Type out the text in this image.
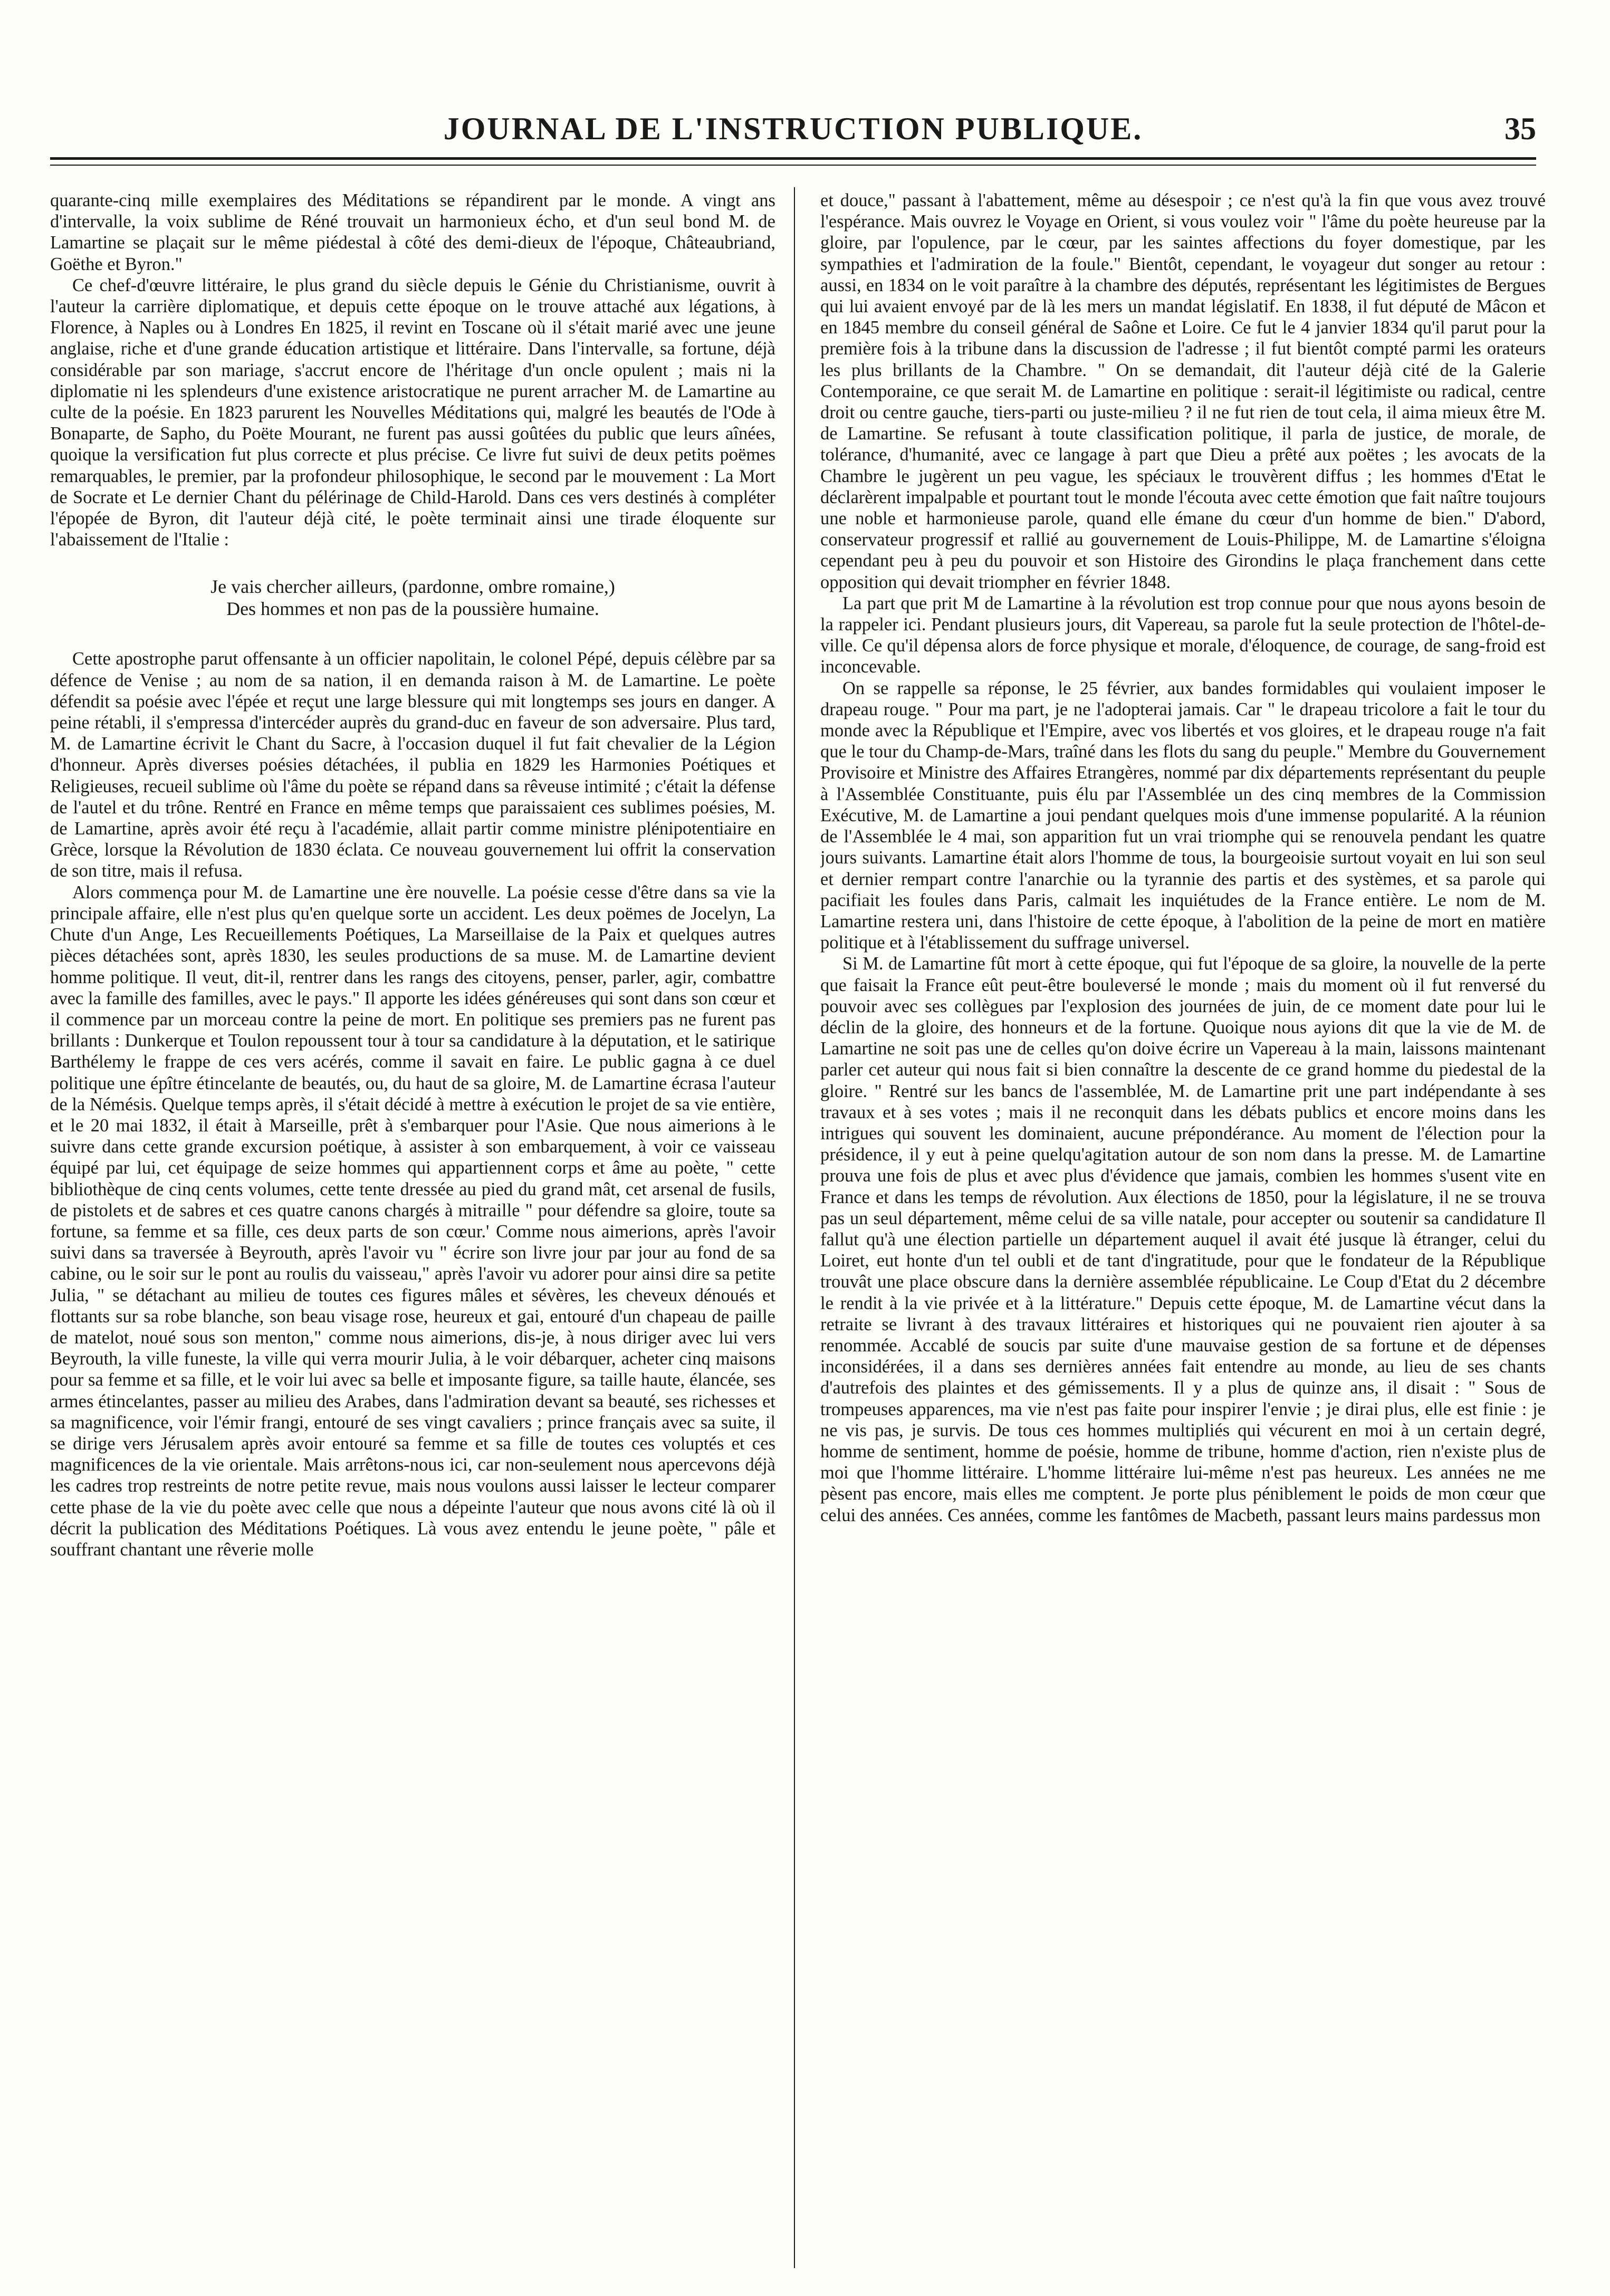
JOURNAL DE L'INSTRUCTION PUBLIQUE.	35

quarante-cinq mille exemplaires des Méditations se répandirent par le monde. A vingt ans d'intervalle, la voix sublime de Réné trouvait un harmonieux écho, et d'un seul bond M. de Lamartine se plaçait sur le même piédestal à côté des demi-dieux de l'époque, Châteaubriand, Goëthe et Byron."

Ce chef-d'œuvre littéraire, le plus grand du siècle depuis le Génie du Christianisme, ouvrit à l'auteur la carrière diplomatique, et depuis cette époque on le trouve attaché aux légations, à Florence, à Naples ou à Londres En 1825, il revint en Toscane où il s'était marié avec une jeune anglaise, riche et d'une grande éducation artistique et littéraire. Dans l'intervalle, sa fortune, déjà considérable par son mariage, s'accrut encore de l'héritage d'un oncle opulent ; mais ni la diplomatie ni les splendeurs d'une existence aristocratique ne purent arracher M. de Lamartine au culte de la poésie. En 1823 parurent les Nouvelles Méditations qui, malgré les beautés de l'Ode à Bonaparte, de Sapho, du Poëte Mourant, ne furent pas aussi goûtées du public que leurs aînées, quoique la versification fut plus correcte et plus précise. Ce livre fut suivi de deux petits poëmes remarquables, le premier, par la profondeur philosophique, le second par le mouvement : La Mort de Socrate et Le dernier Chant du pélérinage de Child-Harold. Dans ces vers destinés à compléter l'épopée de Byron, dit l'auteur déjà cité, le poète terminait ainsi une tirade éloquente sur l'abaissement de l'Italie :

Je vais chercher ailleurs, (pardonne, ombre romaine,)
Des hommes et non pas de la poussière humaine.

Cette apostrophe parut offensante à un officier napolitain, le colonel Pépé, depuis célèbre par sa défence de Venise ; au nom de sa nation, il en demanda raison à M. de Lamartine. Le poète défendit sa poésie avec l'épée et reçut une large blessure qui mit longtemps ses jours en danger. A peine rétabli, il s'empressa d'intercéder auprès du grand-duc en faveur de son adversaire. Plus tard, M. de Lamartine écrivit le Chant du Sacre, à l'occasion duquel il fut fait chevalier de la Légion d'honneur. Après diverses poésies détachées, il publia en 1829 les Harmonies Poétiques et Religieuses, recueil sublime où l'âme du poète se répand dans sa rêveuse intimité ; c'était la défense de l'autel et du trône. Rentré en France en même temps que paraissaient ces sublimes poésies, M. de Lamartine, après avoir été reçu à l'académie, allait partir comme ministre plénipotentiaire en Grèce, lorsque la Révolution de 1830 éclata. Ce nouveau gouvernement lui offrit la conservation de son titre, mais il refusa.

Alors commença pour M. de Lamartine une ère nouvelle. La poésie cesse d'être dans sa vie la principale affaire, elle n'est plus qu'en quelque sorte un accident. Les deux poëmes de Jocelyn, La Chute d'un Ange, Les Recueillements Poétiques, La Marseillaise de la Paix et quelques autres pièces détachées sont, après 1830, les seules productions de sa muse. M. de Lamartine devient homme politique. Il veut, dit-il, rentrer dans les rangs des citoyens, penser, parler, agir, combattre avec la famille des familles, avec le pays." Il apporte les idées généreuses qui sont dans son cœur et il commence par un morceau contre la peine de mort. En politique ses premiers pas ne furent pas brillants : Dunkerque et Toulon repoussent tour à tour sa candidature à la députation, et le satirique Barthélemy le frappe de ces vers acérés, comme il savait en faire. Le public gagna à ce duel politique une épître étincelante de beautés, ou, du haut de sa gloire, M. de Lamartine écrasa l'auteur de la Némésis. Quelque temps après, il s'était décidé à mettre à exécution le projet de sa vie entière, et le 20 mai 1832, il était à Marseille, prêt à s'embarquer pour l'Asie. Que nous aimerions à le suivre dans cette grande excursion poétique, à assister à son embarquement, à voir ce vaisseau équipé par lui, cet équipage de seize hommes qui appartiennent corps et âme au poète, " cette bibliothèque de cinq cents volumes, cette tente dressée au pied du grand mât, cet arsenal de fusils, de pistolets et de sabres et ces quatre canons chargés à mitraille " pour défendre sa gloire, toute sa fortune, sa femme et sa fille, ces deux parts de son cœur.' Comme nous aimerions, après l'avoir suivi dans sa traversée à Beyrouth, après l'avoir vu " écrire son livre jour par jour au fond de sa cabine, ou le soir sur le pont au roulis du vaisseau," après l'avoir vu adorer pour ainsi dire sa petite Julia, " se détachant au milieu de toutes ces figures mâles et sévères, les cheveux dénoués et flottants sur sa robe blanche, son beau visage rose, heureux et gai, entouré d'un chapeau de paille de matelot, noué sous son menton," comme nous aimerions, dis-je, à nous diriger avec lui vers Beyrouth, la ville funeste, la ville qui verra mourir Julia, à le voir débarquer, acheter cinq maisons pour sa femme et sa fille, et le voir lui avec sa belle et imposante figure, sa taille haute, élancée, ses armes étincelantes, passer au milieu des Arabes, dans l'admiration devant sa beauté, ses richesses et sa magnificence, voir l'émir frangi, entouré de ses vingt cavaliers ; prince français avec sa suite, il se dirige vers Jérusalem après avoir entouré sa femme et sa fille de toutes ces voluptés et ces magnificences de la vie orientale. Mais arrêtons-nous ici, car non-seulement nous apercevons déjà les cadres trop restreints de notre petite revue, mais nous voulons aussi laisser le lecteur comparer cette phase de la vie du poète avec celle que nous a dépeinte l'auteur que nous avons cité là où il décrit la publication des Méditations Poétiques. Là vous avez entendu le jeune poète, " pâle et souffrant chantant une rêverie molle

et douce," passant à l'abattement, même au désespoir ; ce n'est qu'à la fin que vous avez trouvé l'espérance. Mais ouvrez le Voyage en Orient, si vous voulez voir " l'âme du poète heureuse par la gloire, par l'opulence, par le cœur, par les saintes affections du foyer domestique, par les sympathies et l'admiration de la foule." Bientôt, cependant, le voyageur dut songer au retour : aussi, en 1834 on le voit paraître à la chambre des députés, représentant les légitimistes de Bergues qui lui avaient envoyé par de là les mers un mandat législatif. En 1838, il fut député de Mâcon et en 1845 membre du conseil général de Saône et Loire. Ce fut le 4 janvier 1834 qu'il parut pour la première fois à la tribune dans la discussion de l'adresse ; il fut bientôt compté parmi les orateurs les plus brillants de la Chambre. " On se demandait, dit l'auteur déjà cité de la Galerie Contemporaine, ce que serait M. de Lamartine en politique : serait-il légitimiste ou radical, centre droit ou centre gauche, tiers-parti ou juste-milieu ? il ne fut rien de tout cela, il aima mieux être M. de Lamartine. Se refusant à toute classification politique, il parla de justice, de morale, de tolérance, d'humanité, avec ce langage à part que Dieu a prêté aux poëtes ; les avocats de la Chambre le jugèrent un peu vague, les spéciaux le trouvèrent diffus ; les hommes d'Etat le déclarèrent impalpable et pourtant tout le monde l'écouta avec cette émotion que fait naître toujours une noble et harmonieuse parole, quand elle émane du cœur d'un homme de bien." D'abord, conservateur progressif et rallié au gouvernement de Louis-Philippe, M. de Lamartine s'éloigna cependant peu à peu du pouvoir et son Histoire des Girondins le plaça franchement dans cette opposition qui devait triompher en février 1848.

La part que prit M de Lamartine à la révolution est trop connue pour que nous ayons besoin de la rappeler ici. Pendant plusieurs jours, dit Vapereau, sa parole fut la seule protection de l'hôtel-de-ville. Ce qu'il dépensa alors de force physique et morale, d'éloquence, de courage, de sang-froid est inconcevable.

On se rappelle sa réponse, le 25 février, aux bandes formidables qui voulaient imposer le drapeau rouge. " Pour ma part, je ne l'adopterai jamais. Car " le drapeau tricolore a fait le tour du monde avec la République et l'Empire, avec vos libertés et vos gloires, et le drapeau rouge n'a fait que le tour du Champ-de-Mars, traîné dans les flots du sang du peuple." Membre du Gouvernement Provisoire et Ministre des Affaires Etrangères, nommé par dix départements représentant du peuple à l'Assemblée Constituante, puis élu par l'Assemblée un des cinq membres de la Commission Exécutive, M. de Lamartine a joui pendant quelques mois d'une immense popularité. A la réunion de l'Assemblée le 4 mai, son apparition fut un vrai triomphe qui se renouvela pendant les quatre jours suivants. Lamartine était alors l'homme de tous, la bourgeoisie surtout voyait en lui son seul et dernier rempart contre l'anarchie ou la tyrannie des partis et des systèmes, et sa parole qui pacifiait les foules dans Paris, calmait les inquiétudes de la France entière. Le nom de M. Lamartine restera uni, dans l'histoire de cette époque, à l'abolition de la peine de mort en matière politique et à l'établissement du suffrage universel.

Si M. de Lamartine fût mort à cette époque, qui fut l'époque de sa gloire, la nouvelle de la perte que faisait la France eût peut-être bouleversé le monde ; mais du moment où il fut renversé du pouvoir avec ses collègues par l'explosion des journées de juin, de ce moment date pour lui le déclin de la gloire, des honneurs et de la fortune. Quoique nous ayions dit que la vie de M. de Lamartine ne soit pas une de celles qu'on doive écrire un Vapereau à la main, laissons maintenant parler cet auteur qui nous fait si bien connaître la descente de ce grand homme du piedestal de la gloire. " Rentré sur les bancs de l'assemblée, M. de Lamartine prit une part indépendante à ses travaux et à ses votes ; mais il ne reconquit dans les débats publics et encore moins dans les intrigues qui souvent les dominaient, aucune prépondérance. Au moment de l'élection pour la présidence, il y eut à peine quelqu'agitation autour de son nom dans la presse. M. de Lamartine prouva une fois de plus et avec plus d'évidence que jamais, combien les hommes s'usent vite en France et dans les temps de révolution. Aux élections de 1850, pour la législature, il ne se trouva pas un seul département, même celui de sa ville natale, pour accepter ou soutenir sa candidature Il fallut qu'à une élection partielle un département auquel il avait été jusque là étranger, celui du Loiret, eut honte d'un tel oubli et de tant d'ingratitude, pour que le fondateur de la République trouvât une place obscure dans la dernière assemblée républicaine. Le Coup d'Etat du 2 décembre le rendit à la vie privée et à la littérature." Depuis cette époque, M. de Lamartine vécut dans la retraite se livrant à des travaux littéraires et historiques qui ne pouvaient rien ajouter à sa renommée. Accablé de soucis par suite d'une mauvaise gestion de sa fortune et de dépenses inconsidérées, il a dans ses dernières années fait entendre au monde, au lieu de ses chants d'autrefois des plaintes et des gémissements. Il y a plus de quinze ans, il disait : " Sous de trompeuses apparences, ma vie n'est pas faite pour inspirer l'envie ; je dirai plus, elle est finie : je ne vis pas, je survis. De tous ces hommes multipliés qui vécurent en moi à un certain degré, homme de sentiment, homme de poésie, homme de tribune, homme d'action, rien n'existe plus de moi que l'homme littéraire. L'homme littéraire lui-même n'est pas heureux. Les années ne me pèsent pas encore, mais elles me comptent. Je porte plus péniblement le poids de mon cœur que celui des années. Ces années, comme les fantômes de Macbeth, passant leurs mains pardessus mon
